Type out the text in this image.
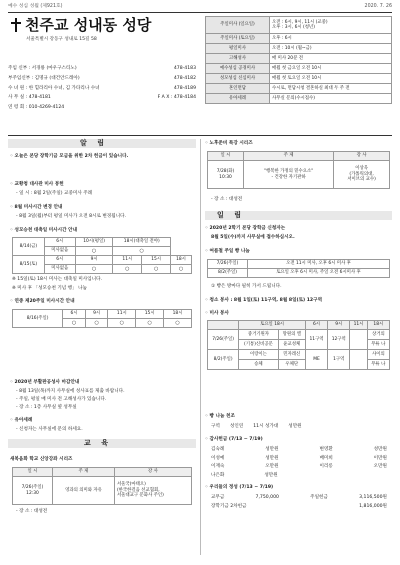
예수 성심 성월 (제921호)	2020. 7. 26
천주교 성내동 성당
서울특별시 강동구 성내로 15길 58
주임 신부 : 서경룡 (마우구스티노)	478-4183
부주임신부 : 김명규 (대건안드레아)	478-4182
수 녀 원 : 한 힐라리아 수녀, 김 가타리나 수녀	478-4189
사 무 실 : 478-4181	F A X : 478-4184
연 령 회 : 010-4269-4124
주일미사 (일요일)	오전 : 6시, 9시, 11시 (교중)
오후 : 3시, 6시 (청년)
주일미사 (토요일)	오후 : 6시
평일미사	오전 : 10시 (월~금)
고해성사	매 미사 20분 전
예수성심 공경미사	매월 첫 금요일 오전 10시
성모성심 신심미사	매월 첫 토요일 오전 10시
혼인면담	수시로, 면담시청 결혼하실 최대 두 주 전
유아세례	사무실 문의(수시접수)
알 림
◦ 오늘은 본당 장학기금 모금을 위한 2차 헌금이 있습니다.
◦ 교황청 대사관 미사 봉헌
- 일 시 : 8월 2일(주일) 교중미사 주례
◦ 8월 미사시간 변경 안내
- 8월 3일(월)부터 평일 미사가 오전 8시로 변경됩니다.
◦ 성모승천 대축일 미사시간 안내
8/14(금)	6시	10시(평일)	18시(대축일 전야)		
	미사없음	○	○		
8/15(토)	6시	9시	11시	15시	18시
	미사없음	○	○	○	○
※ 15일(토) 18시 미사는 대축일 미사입니다.
※ 미사 후 「성모승천 기념 행」 나눔
◦ 연중 제20주일 미사시간 안내
8/16(주일)	6시	9시	11시	15시	18시
	○	○	○	○	○
◦ 2020년 부활판공성사 마감안내
- 8월 13일(목)까지 사무실에 성사표를 제출 바랍니다.
- 주일, 평일 매 미사 전 고해성사가 있습니다.
- 장 소 : 1층 사무실 옆 성무실
◦ 유아세례
- 신청자는 사무실에 문의 하세요.
교 육
새복음화 학교 신앙강좌 시리즈
일 시	주 제	강 사
7/26(주일) 12:30	영과의 의미와 자유	서울국(마태오)
(한국한걸음 선교협회,
서울대교구 문화사 주인)
- 장 소 : 대성전
◦ 노후준비 특강 시리즈
일 시	주 제	강 사
7/28(화) 10:30	"행복한 가정의 밑수요소"
- 건강한 자기관하	이상욱
(가톨릭의대,
서이브의 교수)
- 장 소 : 대성전
일 림
◦ 2020년 2학기 본당 장학금 신청자는
8월 5일(수)까지 사무실에 접수하십시오.
◦ 여름철 주일 빵 나눔
7/26(주일)	오전 11시 미사, 오후 6시 미사 후
8/2(주일)	토요일 오후 6시 미사, 주일 오전 6시미사 후
① 빵은 방마다 필히 가서 드립니다.
◦ 청소 봉사 : 8월 1일(토) 11구역, 8월 8일(토) 12구역
◦ 미사 봉사
	토요일 18시		6시	9시	11시	18시
7/26(주일)	중거기원자	망원의 엘	11구역	12구역		상거의
	(기통)신비공문	윤교성체				무튜 나
8/2(주일)	이랑이는	민자레신	ME	1구역		사이의
	승체	우체단				무튜 나
◦ 빵 나눔 천조
구역 성인연 11시 성가대 성만원
◦ 감사헌금 (7/13 ~ 7/19)
김숙례	성만원	변영환	성만원
이성예	성만원	배미희	이만원
이재숙	오만원	이리롱	오만원
나은화	성만원
◦ 우리들의 정성 (7/13 ~ 7/19)
교무금	7,750,000	주일헌금	3,116,500원
장학기금 2차헌금	1,816,000원
